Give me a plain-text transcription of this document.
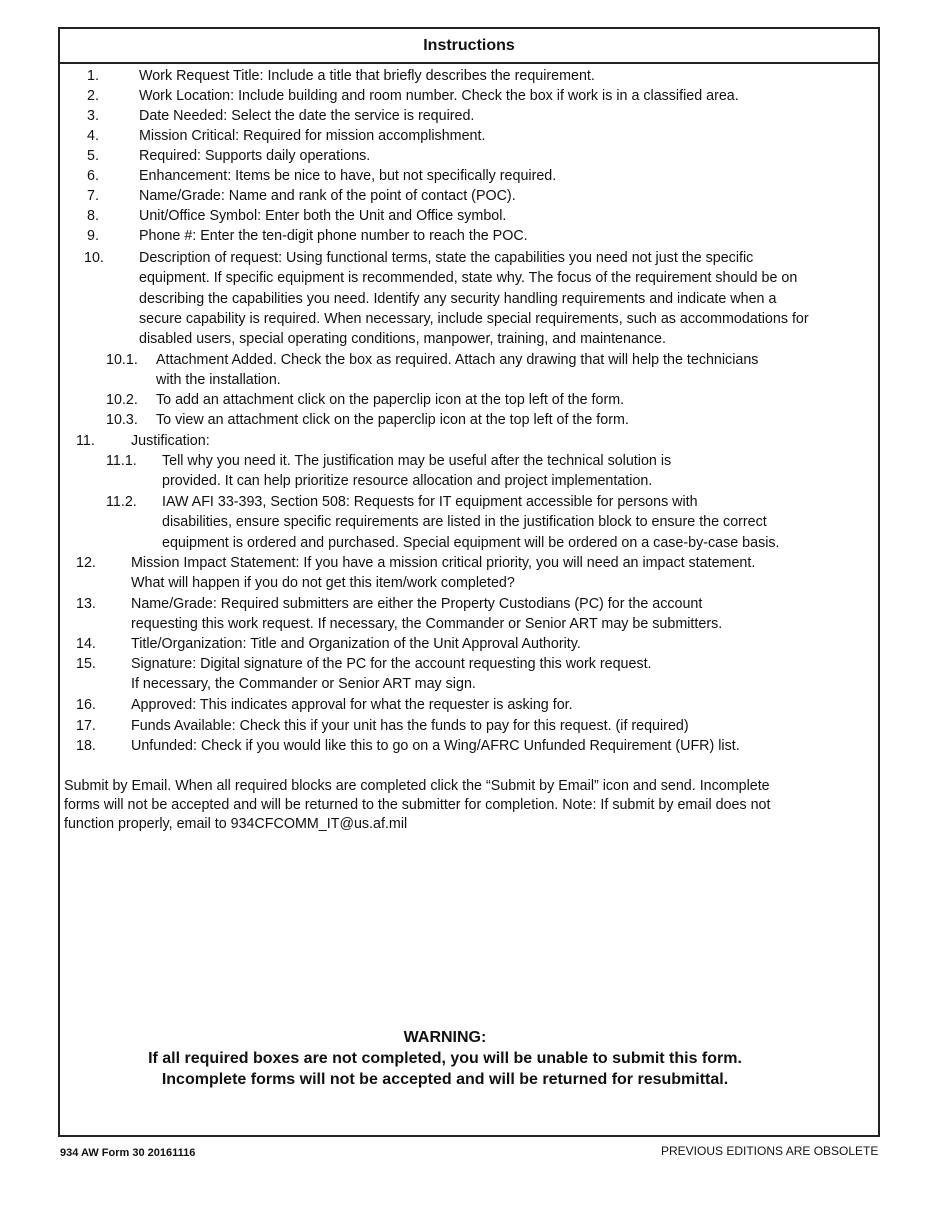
Instructions
1.	Work Request Title: Include a title that briefly describes the requirement.
2.	Work Location: Include building and room number. Check the box if work is in a classified area.
3.	Date Needed: Select the date the service is required.
4.	Mission Critical: Required for mission accomplishment.
5.	Required: Supports daily operations.
6.	Enhancement: Items be nice to have, but not specifically required.
7.	Name/Grade: Name and rank of the point of contact (POC).
8.	Unit/Office Symbol: Enter both the Unit and Office symbol.
9.	Phone #: Enter the ten-digit phone number to reach the POC.
10. Description of request: Using functional terms, state the capabilities you need not just the specific
equipment. If specific equipment is recommended, state why. The focus of the requirement should be on
describing the capabilities you need. Identify any security handling requirements and indicate when a
secure capability is required. When necessary, include special requirements, such as accommodations for
disabled users, special operating conditions, manpower, training, and maintenance.
10.1. Attachment Added. Check the box as required. Attach any drawing that will help the technicians
with the installation.
10.2. To add an attachment click on the paperclip icon at the top left of the form.
10.3. To view an attachment click on the paperclip icon at the top left of the form.
11.	Justification:
11.1. Tell why you need it. The justification may be useful after the technical solution is
provided. It can help prioritize resource allocation and project implementation.
11.2. IAW AFI 33-393, Section 508: Requests for IT equipment accessible for persons with
disabilities, ensure specific requirements are listed in the justification block to ensure the correct
equipment is ordered and purchased. Special equipment will be ordered on a case-by-case basis.
12. Mission Impact Statement: If you have a mission critical priority, you will need an impact statement.
What will happen if you do not get this item/work completed?
13. Name/Grade: Required submitters are either the Property Custodians (PC) for the account
requesting this work request. If necessary, the Commander or Senior ART may be submitters.
14. Title/Organization: Title and Organization of the Unit Approval Authority.
15. Signature: Digital signature of the PC for the account requesting this work request.
If necessary, the Commander or Senior ART may sign.
16. Approved: This indicates approval for what the requester is asking for.
17. Funds Available: Check this if your unit has the funds to pay for this request. (if required)
18. Unfunded: Check if you would like this to go on a Wing/AFRC Unfunded Requirement (UFR) list.
Submit by Email. When all required blocks are completed click the “Submit by Email” icon and send. Incomplete
forms will not be accepted and will be returned to the submitter for completion. Note: If submit by email does not
function properly, email to 934CFCOMM_IT@us.af.mil
WARNING:
If all required boxes are not completed, you will be unable to submit this form.
Incomplete forms will not be accepted and will be returned for resubmittal.
934 AW Form 30 20161116	PREVIOUS EDITIONS ARE OBSOLETE
